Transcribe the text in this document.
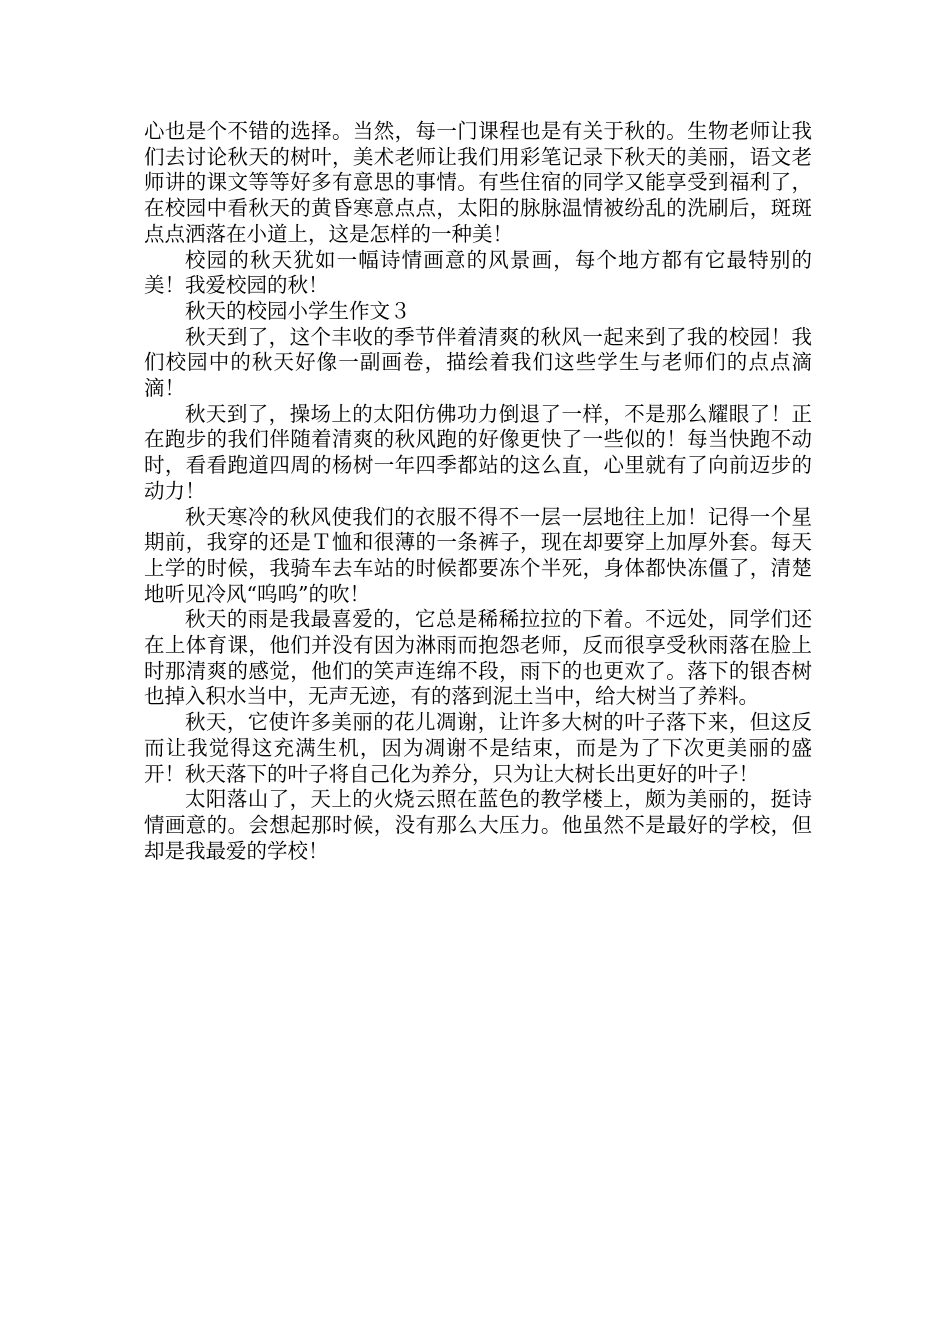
心也是个不错的选择。当然，每一门课程也是有关于秋的。生物老师让我们去讨论秋天的树叶，美术老师让我们用彩笔记录下秋天的美丽，语文老师讲的课文等等好多有意思的事情。有些住宿的同学又能享受到福利了，在校园中看秋天的黄昏寒意点点，太阳的脉脉温情被纷乱的洗刷后，斑斑点点洒落在小道上，这是怎样的一种美！

校园的秋天犹如一幅诗情画意的风景画，每个地方都有它最特别的美！我爱校园的秋！

秋天的校园小学生作文３

秋天到了，这个丰收的季节伴着清爽的秋风一起来到了我的校园！我们校园中的秋天好像一副画卷，描绘着我们这些学生与老师们的点点滴滴！

秋天到了，操场上的太阳仿佛功力倒退了一样，不是那么耀眼了！正在跑步的我们伴随着清爽的秋风跑的好像更快了一些似的！每当快跑不动时，看看跑道四周的杨树一年四季都站的这么直，心里就有了向前迈步的动力！

秋天寒冷的秋风使我们的衣服不得不一层一层地往上加！记得一个星期前，我穿的还是Ｔ恤和很薄的一条裤子，现在却要穿上加厚外套。每天上学的时候，我骑车去车站的时候都要冻个半死，身体都快冻僵了，清楚地听见冷风“呜呜”的吹！

秋天的雨是我最喜爱的，它总是稀稀拉拉的下着。不远处，同学们还在上体育课，他们并没有因为淋雨而抱怨老师，反而很享受秋雨落在脸上时那清爽的感觉，他们的笑声连绵不段，雨下的也更欢了。落下的银杏树也掉入积水当中，无声无迹，有的落到泥土当中，给大树当了养料。

秋天，它使许多美丽的花儿凋谢，让许多大树的叶子落下来，但这反而让我觉得这充满生机，因为凋谢不是结束，而是为了下次更美丽的盛开！秋天落下的叶子将自己化为养分，只为让大树长出更好的叶子！

太阳落山了，天上的火烧云照在蓝色的教学楼上，颇为美丽的，挺诗情画意的。会想起那时候，没有那么大压力。他虽然不是最好的学校，但却是我最爱的学校！
